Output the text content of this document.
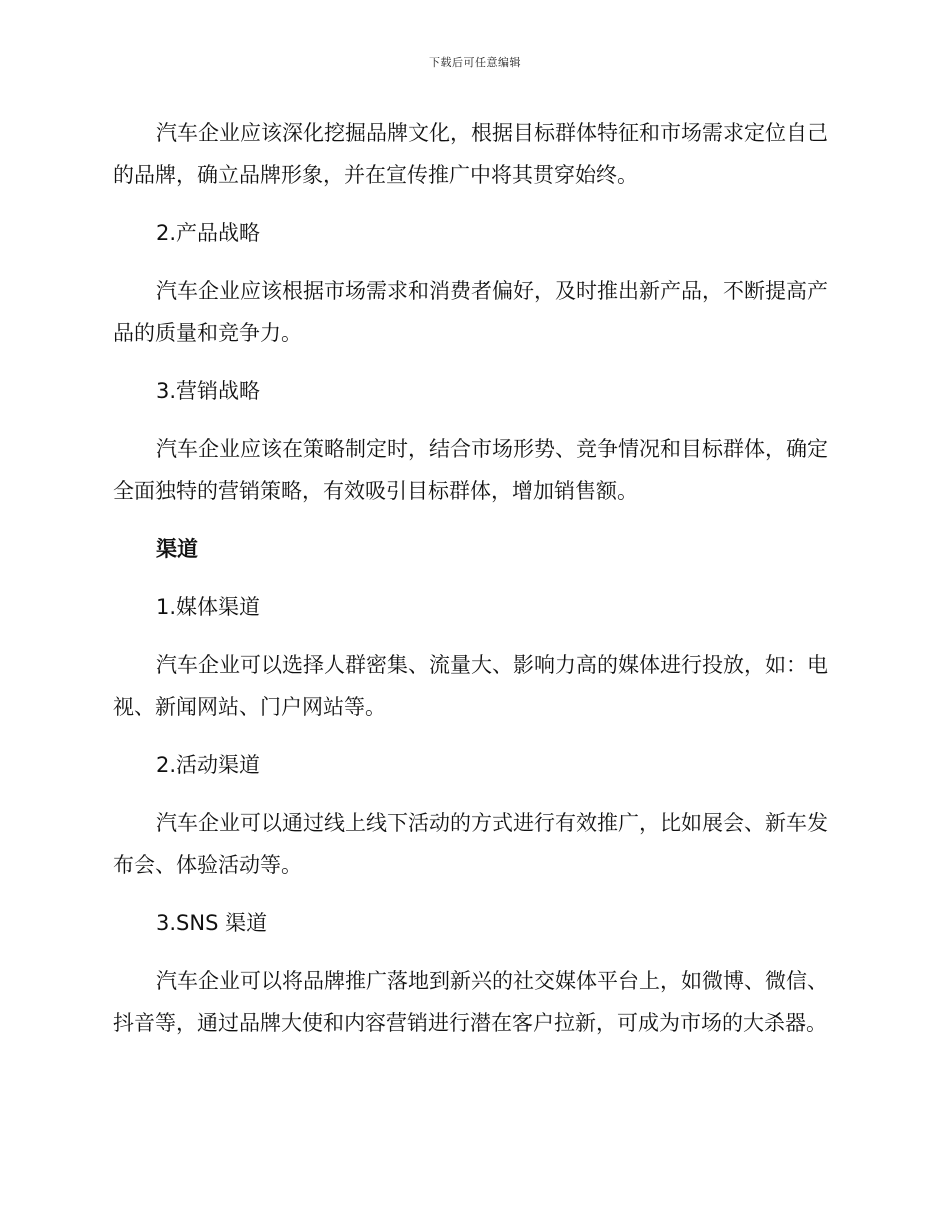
下载后可任意编辑

汽车企业应该深化挖掘品牌文化，根据目标群体特征和市场需求定位自己的品牌，确立品牌形象，并在宣传推广中将其贯穿始终。

2.产品战略

汽车企业应该根据市场需求和消费者偏好，及时推出新产品，不断提高产品的质量和竞争力。

3.营销战略

汽车企业应该在策略制定时，结合市场形势、竞争情况和目标群体，确定全面独特的营销策略，有效吸引目标群体，增加销售额。

渠道

1.媒体渠道

汽车企业可以选择人群密集、流量大、影响力高的媒体进行投放，如：电视、新闻网站、门户网站等。

2.活动渠道

汽车企业可以通过线上线下活动的方式进行有效推广，比如展会、新车发布会、体验活动等。

3.SNS 渠道

汽车企业可以将品牌推广落地到新兴的社交媒体平台上，如微博、微信、抖音等，通过品牌大使和内容营销进行潜在客户拉新，可成为市场的大杀器。
